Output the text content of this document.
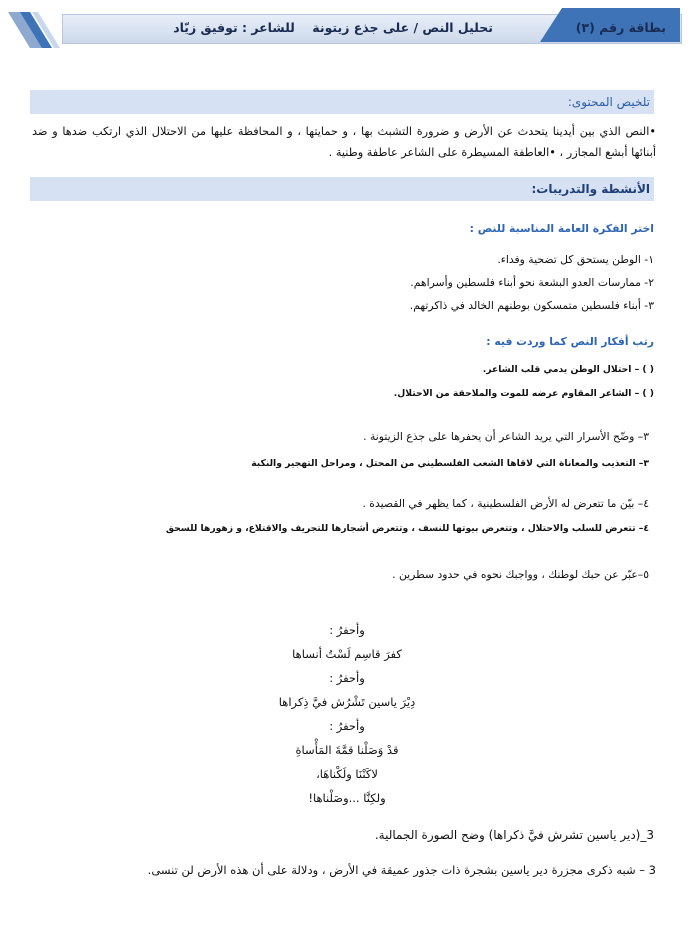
بطاقة رقم (٣)  تحليل النص / على جذع زيتونة    للشاعر : توفيق زيّاد
تلخيص المحتوى:
•النص الذي بين أيدينا يتحدث عن الأرض و ضرورة التشبث بها ، و حمايتها ، و المحافظة عليها من الاحتلال الذي ارتكب ضدها و ضد أبنائها أبشع المجازر ، •العاطفة المسيطرة على الشاعر عاطفة وطنية .
الأنشطة والتدريبات:
اختر الفكرة العامة المناسبة للنص :
١- الوطن يستحق كل تضحية وفداء.
٢- ممارسات العدو البشعة نحو أبناء فلسطين وأسراهم.
٣- أبناء فلسطين متمسكون بوطنهم الخالد في ذاكرتهم.
رتب أفكار النص كما وردت فيه :
( ) – احتلال الوطن يدمي قلب الشاعر.
( ) – الشاعر المقاوم عرضه للموت والملاحقة من الاحتلال.
٣– وضّح الأسرار التي يريد الشاعر أن يحفرها على جذع الزيتونة .
٣– التعذيب والمعاناة التي لاقاها الشعب الفلسطيني من المحتل ، ومراحل التهجير والنكبة
٤– بيّن ما تتعرض له الأرض الفلسطينية ، كما يظهر في القصيدة .
٤– تتعرض للسلب والاحتلال ، وتتعرض بيوتها للنسف ، وتتعرض أشجارها للتجريف والاقتلاع، و زهورها للسحق
٥–عبّر عن حبك لوطنك ، وواجبك نحوه في حدود سطرين .
وأحفرُ :
كفرَ قاسِم لَسْتُ أنساها
وأحفرُ :
دِيْرَ ياسين تَشْرُش فيَّ ذِكراها
وأحفرُ :
قدْ وَصَلْنا قمَّةَ المَأْساةِ
لاكَنْنَا ولَكْناهَا،
ولكِنَّا ...وصَلْناها!
3_(دير ياسين تشرش فيَّ ذكراها) وضح الصورة الجمالية.
3 – شبه ذكرى مجزرة دير ياسين بشجرة ذات جذور عميقة في الأرض ، ودلالة على أن هذه الأرض لن تنسى.
